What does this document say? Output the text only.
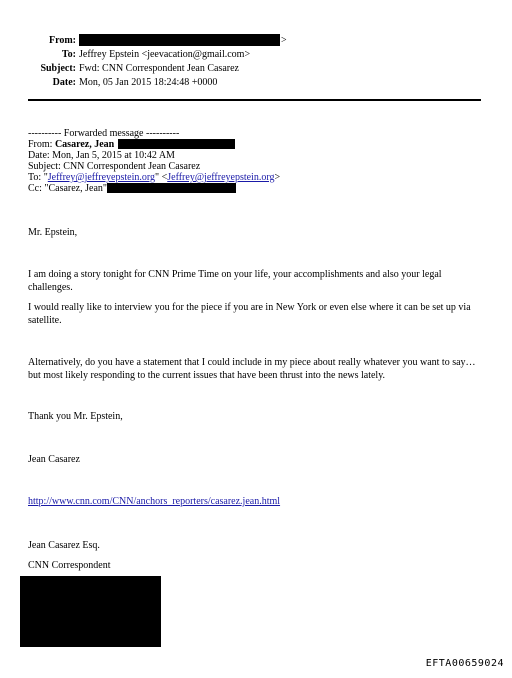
From:	>
To: Jeffrey Epstein <jeevacation@gmail.com>
Subject: Fwd: CNN Correspondent Jean Casarez
Date: Mon, 05 Jan 2015 18:24:48 +0000
---------- Forwarded message ----------
From: Casarez, Jean
Date: Mon, Jan 5, 2015 at 10:42 AM
Subject: CNN Correspondent Jean Casarez
To: "Jeffrey@jeffreyepstein.org" <Jeffrey@jeffreyepstein.org>
Cc: "Casarez, Jean"
Mr. Epstein,
I am doing a story tonight for CNN Prime Time on your life, your accomplishments and also your legal challenges.
I would really like to interview you for the piece if you are in New York or even else where it can be set up via satellite.
Alternatively, do you have a statement that I could include in my piece about really whatever you want to say… but most likely responding to the current issues that have been thrust into the news lately.
Thank you Mr. Epstein,
Jean Casarez
http://www.cnn.com/CNN/anchors_reporters/casarez.jean.html
Jean Casarez Esq.
CNN Correspondent
EFTA00659024
